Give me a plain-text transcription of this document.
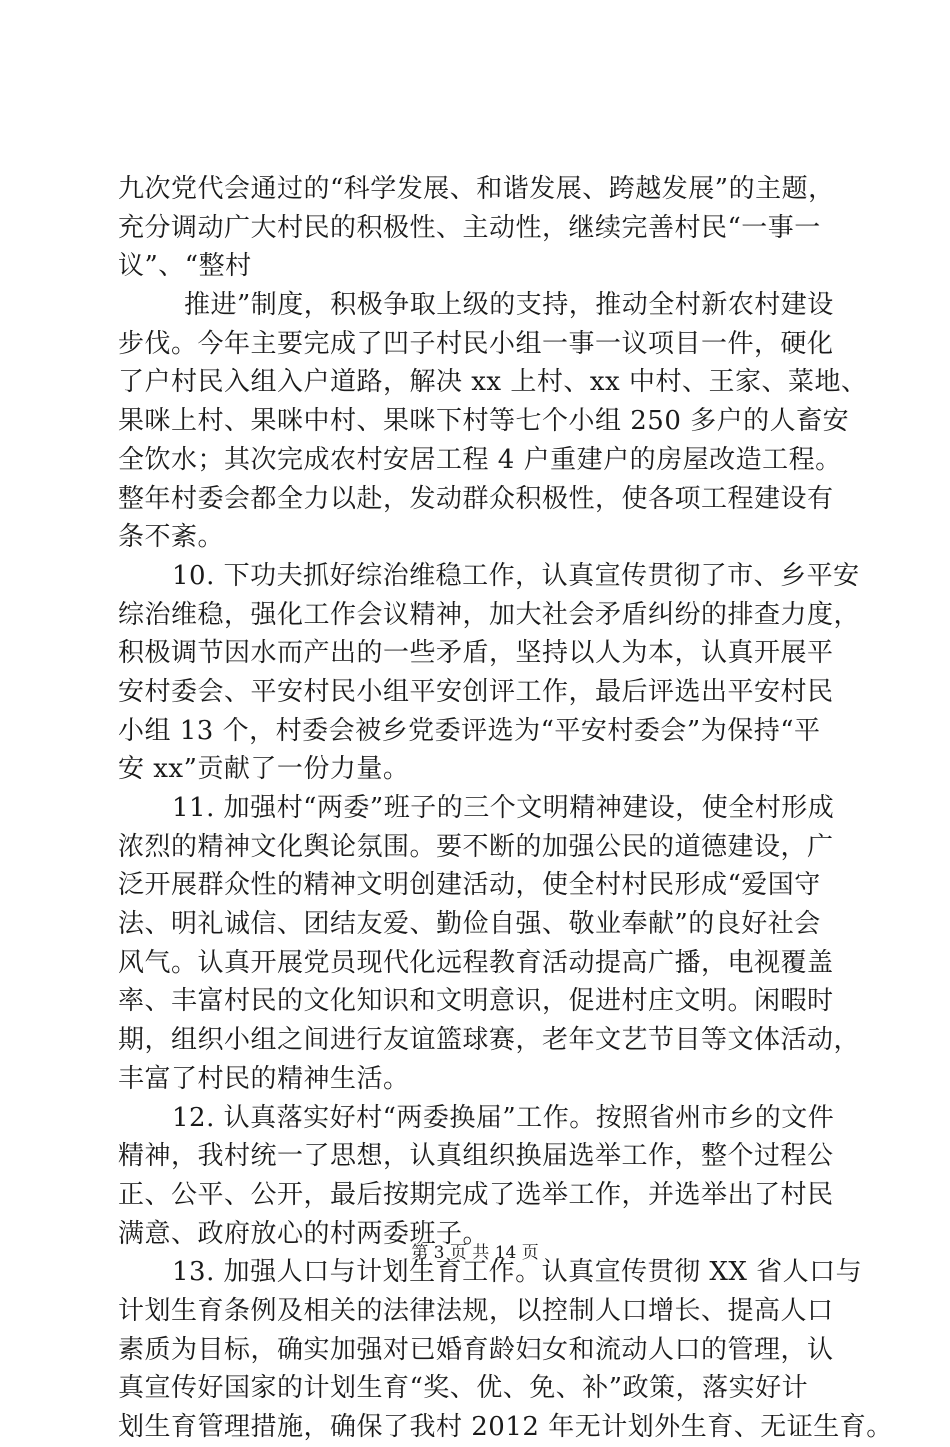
九次党代会通过的“科学发展、和谐发展、跨越发展”的主题，
充分调动广大村民的积极性、主动性，继续完善村民“一事一
议”、“整村
推进”制度，积极争取上级的支持，推动全村新农村建设
步伐。今年主要完成了凹子村民小组一事一议项目一件，硬化
了户村民入组入户道路，解决 xx 上村、xx 中村、王家、菜地、
果咪上村、果咪中村、果咪下村等七个小组 250 多户的人畜安
全饮水；其次完成农村安居工程 4 户重建户的房屋改造工程。
整年村委会都全力以赴，发动群众积极性，使各项工程建设有
条不紊。
10. 下功夫抓好综治维稳工作，认真宣传贯彻了市、乡平安
综治维稳，强化工作会议精神，加大社会矛盾纠纷的排查力度，
积极调节因水而产出的一些矛盾，坚持以人为本，认真开展平
安村委会、平安村民小组平安创评工作，最后评选出平安村民
小组 13 个，村委会被乡党委评选为“平安村委会”为保持“平
安 xx”贡献了一份力量。
11. 加强村“两委”班子的三个文明精神建设，使全村形成
浓烈的精神文化舆论氛围。要不断的加强公民的道德建设，广
泛开展群众性的精神文明创建活动，使全村村民形成“爱国守
法、明礼诚信、团结友爱、勤俭自强、敬业奉献”的良好社会
风气。认真开展党员现代化远程教育活动提高广播，电视覆盖
率、丰富村民的文化知识和文明意识，促进村庄文明。闲暇时
期，组织小组之间进行友谊篮球赛，老年文艺节目等文体活动，
丰富了村民的精神生活。
12. 认真落实好村“两委换届”工作。按照省州市乡的文件
精神，我村统一了思想，认真组织换届选举工作，整个过程公
正、公平、公开，最后按期完成了选举工作，并选举出了村民
满意、政府放心的村两委班子。
13. 加强人口与计划生育工作。认真宣传贯彻 XX 省人口与
计划生育条例及相关的法律法规，以控制人口增长、提高人口
素质为目标，确实加强对已婚育龄妇女和流动人口的管理，认
真宣传好国家的计划生育“奖、优、免、补”政策，落实好计
划生育管理措施，确保了我村 2012 年无计划外生育、无证生育。
第 3 页 共 14 页
